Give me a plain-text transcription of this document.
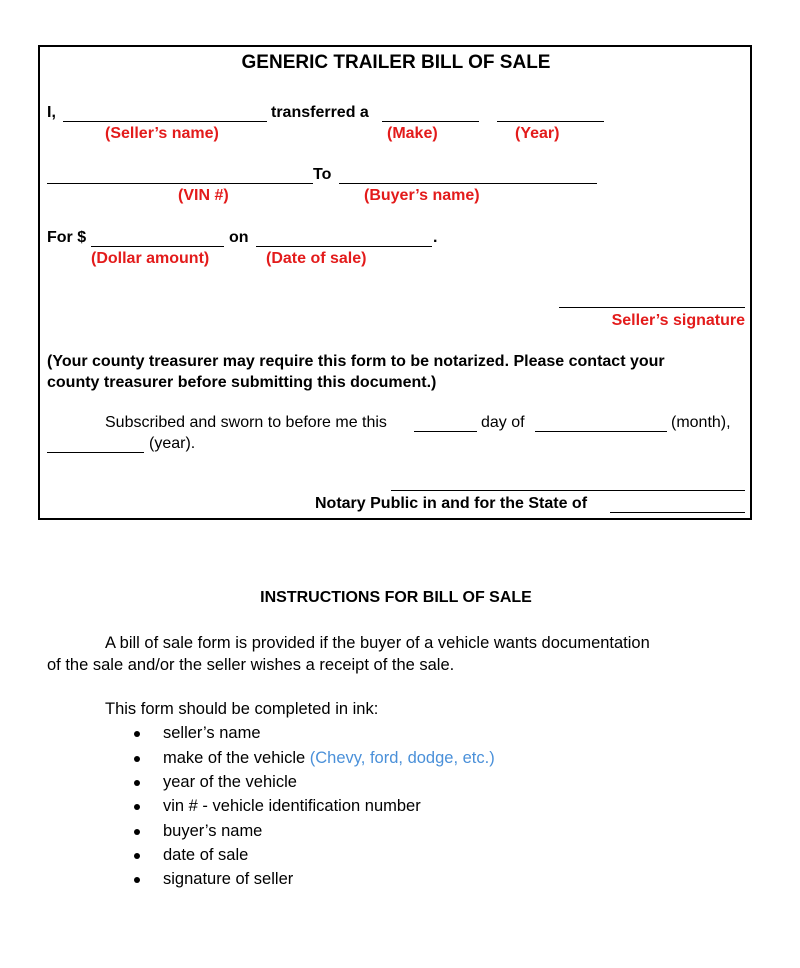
GENERIC TRAILER BILL OF SALE
I,	transferred a
(Seller’s name)	(Make)	(Year)
To
(VIN #)	(Buyer’s name)
For $	on	.
(Dollar amount)	(Date of sale)
Seller’s signature
(Your county treasurer may require this form to be notarized. Please contact your
county treasurer before submitting this document.)
Subscribed and sworn to before me this	day of	(month),
(year).
Notary Public in and for the State of
INSTRUCTIONS FOR BILL OF SALE
A bill of sale form is provided if the buyer of a vehicle wants documentation
of the sale and/or the seller wishes a receipt of the sale.
This form should be completed in ink:
seller’s name
make of the vehicle (Chevy, ford, dodge, etc.)
year of the vehicle
vin # - vehicle identification number
buyer’s name
date of sale
signature of seller
